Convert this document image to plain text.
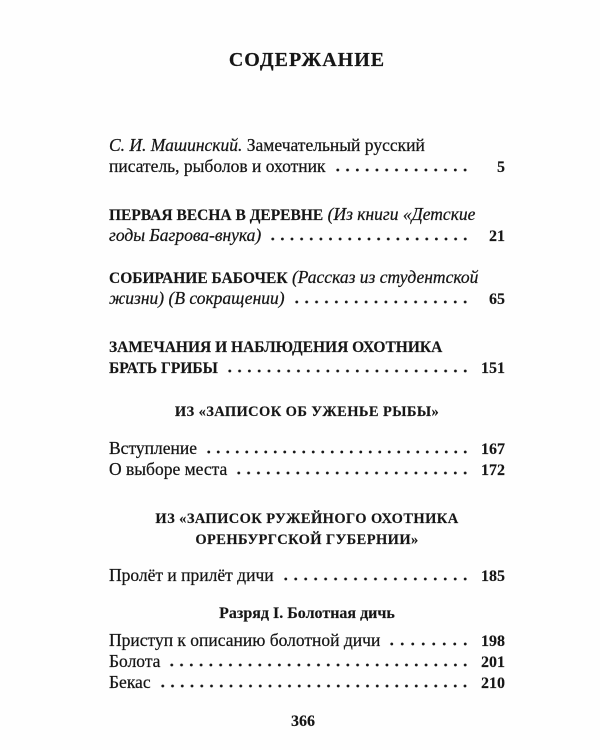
СОДЕРЖАНИЕ
С. И. Машинский. Замечательный русский
писатель, рыболов и охотник	5
ПЕРВАЯ ВЕСНА В ДЕРЕВНЕ (Из книги «Детские
годы Багрова-внука)	21
СОБИРАНИЕ БАБОЧЕК (Рассказ из студентской
жизни) (В сокращении)	65
ЗАМЕЧАНИЯ И НАБЛЮДЕНИЯ ОХОТНИКА
БРАТЬ ГРИБЫ	151
ИЗ «ЗАПИСОК ОБ УЖЕНЬЕ РЫБЫ»
Вступление	167
О выборе места	172
ИЗ «ЗАПИСОК РУЖЕЙНОГО ОХОТНИКА
ОРЕНБУРГСКОЙ ГУБЕРНИИ»
Пролёт и прилёт дичи	185
Разряд I. Болотная дичь
Приступ к описанию болотной дичи	198
Болота	201
Бекас	210
366
